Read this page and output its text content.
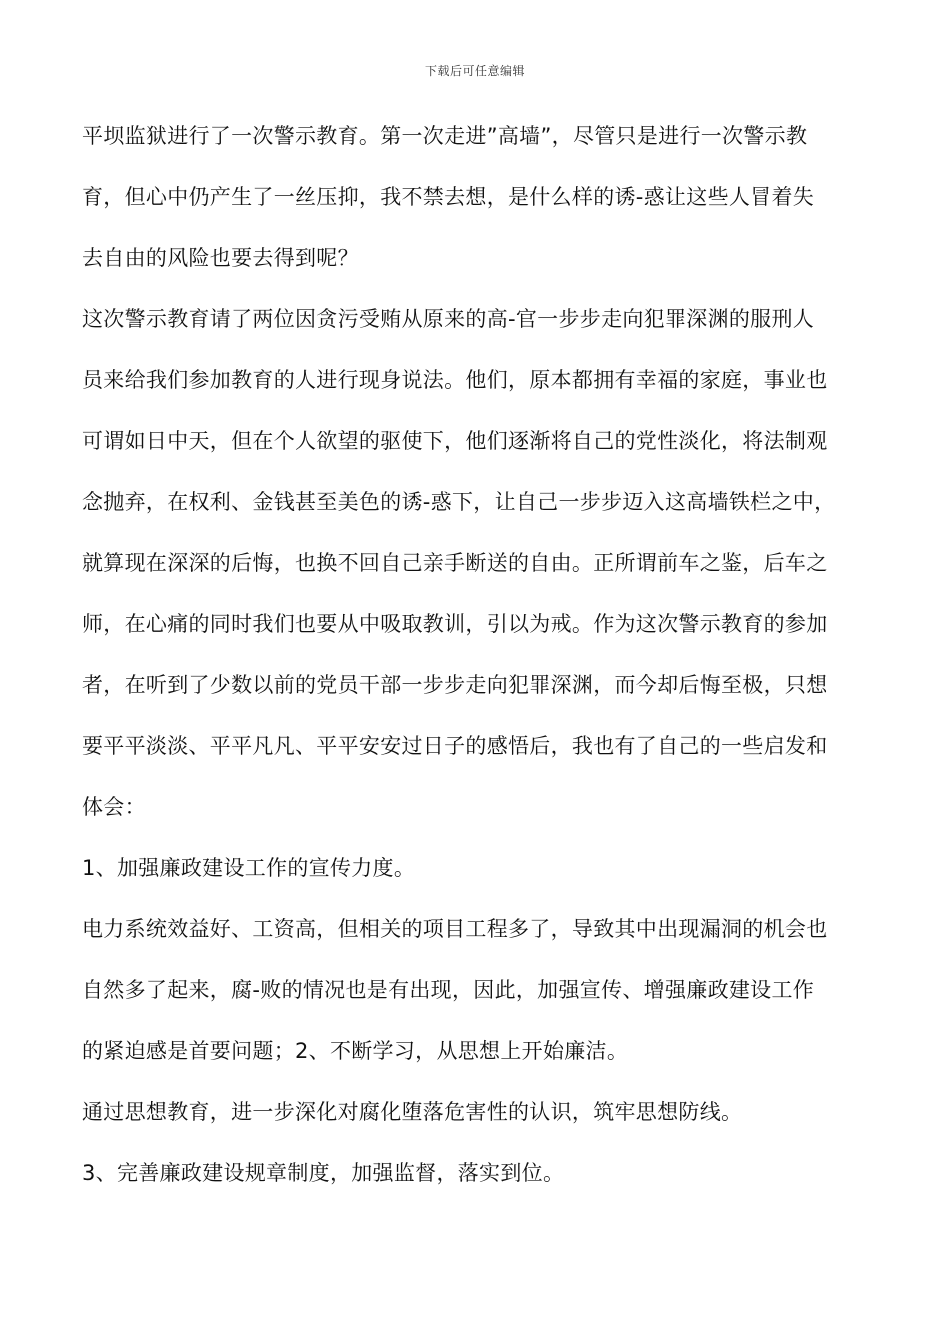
下载后可任意编辑
平坝监狱进行了一次警示教育。第一次走进”高墙”，尽管只是进行一次警示教
育，但心中仍产生了一丝压抑，我不禁去想，是什么样的诱-惑让这些人冒着失
去自由的风险也要去得到呢？
这次警示教育请了两位因贪污受贿从原来的高-官一步步走向犯罪深渊的服刑人
员来给我们参加教育的人进行现身说法。他们，原本都拥有幸福的家庭，事业也
可谓如日中天，但在个人欲望的驱使下，他们逐渐将自己的党性淡化，将法制观
念抛弃，在权利、金钱甚至美色的诱-惑下，让自己一步步迈入这高墙铁栏之中，
就算现在深深的后悔，也换不回自己亲手断送的自由。正所谓前车之鉴，后车之
师，在心痛的同时我们也要从中吸取教训，引以为戒。作为这次警示教育的参加
者，在听到了少数以前的党员干部一步步走向犯罪深渊，而今却后悔至极，只想
要平平淡淡、平平凡凡、平平安安过日子的感悟后，我也有了自己的一些启发和
体会：
1、加强廉政建设工作的宣传力度。
电力系统效益好、工资高，但相关的项目工程多了，导致其中出现漏洞的机会也
自然多了起来，腐-败的情况也是有出现，因此，加强宣传、增强廉政建设工作
的紧迫感是首要问题；2、不断学习，从思想上开始廉洁。
通过思想教育，进一步深化对腐化堕落危害性的认识，筑牢思想防线。
3、完善廉政建设规章制度，加强监督，落实到位。
